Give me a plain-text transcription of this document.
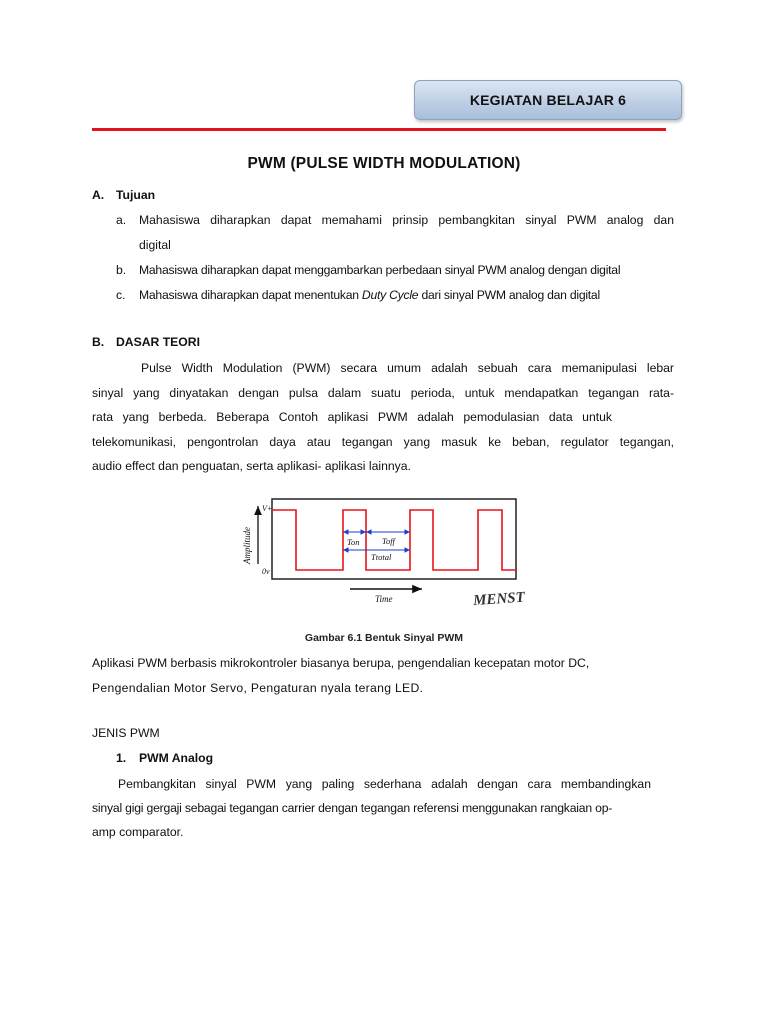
KEGIATAN BELAJAR 6
PWM (PULSE WIDTH MODULATION)
A. Tujuan
a. Mahasiswa diharapkan dapat memahami prinsip pembangkitan sinyal PWM analog dan
digital
b. Mahasiswa diharapkan dapat menggambarkan perbedaan sinyal PWM analog dengan digital
c. Mahasiswa diharapkan dapat menentukan Duty Cycle dari sinyal PWM analog dan digital
B. DASAR TEORI
Pulse Width Modulation (PWM) secara umum adalah sebuah cara memanipulasi lebar
sinyal yang dinyatakan dengan pulsa dalam suatu perioda, untuk mendapatkan tegangan rata-
rata yang berbeda. Beberapa Contoh aplikasi PWM adalah pemodulasian data untuk
telekomunikasi, pengontrolan daya atau tegangan yang masuk ke beban, regulator tegangan,
audio effect dan penguatan, serta aplikasi- aplikasi lainnya.
Amplitude
V+
0v
Ton	Toff
Ttotal
Time	MENST
Gambar 6.1 Bentuk Sinyal PWM
Aplikasi PWM berbasis mikrokontroler biasanya berupa, pengendalian kecepatan motor DC,
Pengendalian Motor Servo, Pengaturan nyala terang LED.
JENIS PWM
1. PWM Analog
Pembangkitan sinyal PWM yang paling sederhana adalah dengan cara membandingkan
sinyal gigi gergaji sebagai tegangan carrier dengan tegangan referensi menggunakan rangkaian op-
amp comparator.
